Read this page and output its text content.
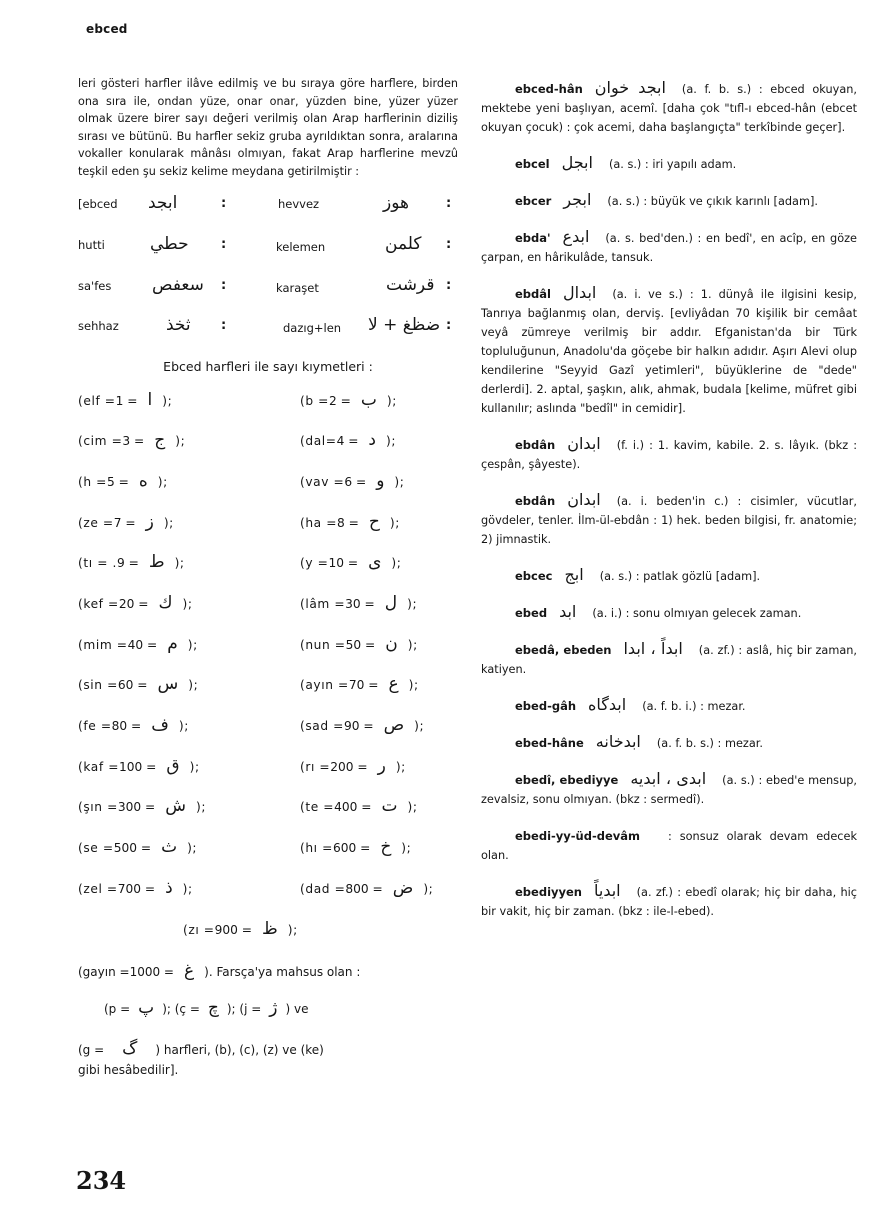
ebced

leri gösteri harfler ilâve edilmiş ve bu sıraya göre harflere, birden ona sıra ile, ondan yüze, onar onar, yüzden bine, yüzer yüzer olmak üzere birer sayı değeri verilmiş olan Arap harflerinin diziliş sırası ve bütünü. Bu harfler sekiz gruba ayrıldıktan sonra, aralarına vokaller konularak mânâsı olmıyan, fakat Arap harflerine mevzû teşkil eden şu sekiz kelime meydana getirilmiştir :

[ebced ابجد	:	hevvez	هوز	:
hutti	حطي :	kelemen	كلمن :
sa'fes سعفص :	karaşet	قرشت :
sehhaz	ثخذ :	dazıg+len ضظغ + لا :
Ebced harfleri ile sayı kıymetleri :
(elf = ا= 1);	(b = ب= 2);
(cim = ج= 3);	(dal= د= 4);
(h = ه= 5);	(vav = و= 6);
(ze = ز= 7);	(ha = ح= 8);
(tı = . ط= 9);	(y = ى= 10);
(kef = ك= 20);	(lâm = ل= 30);
(mim = م= 40);	(nun = ن= 50);
(sin = س= 60);	(ayın = ع= 70);
(fe = ف= 80);	(sad = ص= 90);
(kaf =	ق= 100);	(rı =	ر= 200);
(şın =	ش= 300);	(te =	ت= 400);
(se =	ث= 500);	(hı =	خ= 600);
(zel =	ذ= 700);	(dad =	ض= 800);
(zı =	ظ= 900);
(gayın =	غ= 1000). Farsça'ya mahsus olan :
(p = پ ); (ç = چ ); (j = ژ ) ve
(g = گ ) harfleri, (b), (c), (z) ve (ke)
gibi hesâbedilir].

ebced-hân ابجد خوان (a. f. b. s.) : ebced okuyan, mektebe yeni başlıyan, acemî. [daha çok "tıfl-ı ebced-hân (ebcet okuyan çocuk) : çok acemi, daha başlangıçta" terkîbinde geçer].

ebcel ابجل (a. s.) : iri yapılı adam.

ebcer ابجر (a. s.) : büyük ve çıkık karınlı [adam].

ebda' ابدع (a. s. bed'den.) : en bedî', en acîp, en göze çarpan, en hârikulâde, tansuk.

ebdâl ابدال (a. i. ve s.) : 1. dünyâ ile ilgisini kesip, Tanrıya bağlanmış olan, derviş. [evliyâdan 70 kişilik bir cemâat veyâ zümreye verilmiş bir addır. Efganistan'da bir Türk topluluğunun, Anadolu'da göçebe bir halkın adıdır. Aşırı Alevi olup kendilerine "Seyyid Gazî yetimleri", büyüklerine de "dede" derlerdi]. 2. aptal, şaşkın, alık, ahmak, budala [kelime, müfret gibi kullanılır; aslında "bedîl" in cemidir].

ebdân ابدان (f. i.) : 1. kavim, kabile. 2. s. lâyık. (bkz : çespân, şâyeste).

ebdân ابدان (a. i. beden'in c.) : cisimler, vücutlar, gövdeler, tenler. İlm-ül-ebdân : 1) hek. beden bilgisi, fr. anatomie; 2) jimnastik.

ebcec ابج (a. s.) : patlak gözlü [adam].

ebed ابد (a. i.) : sonu olmıyan gelecek zaman.

ebedâ, ebeden ابداً ، ابدا (a. zf.) : aslâ, hiç bir zaman, katiyen.

ebed-gâh ابدگاه (a. f. b. i.) : mezar.

ebed-hâne ابدخانه (a. f. b. s.) : mezar.

ebedî, ebediyye ابدى ، ابديه (a. s.) : ebed'e mensup, zevalsiz, sonu olmıyan. (bkz : sermedî).

ebedi-yy-üd-devâm : sonsuz olarak devam edecek olan.

ebediyyen ابدياً (a. zf.) : ebedî olarak; hiç bir daha, hiç bir vakit, hiç bir zaman. (bkz : ile-l-ebed).

234
